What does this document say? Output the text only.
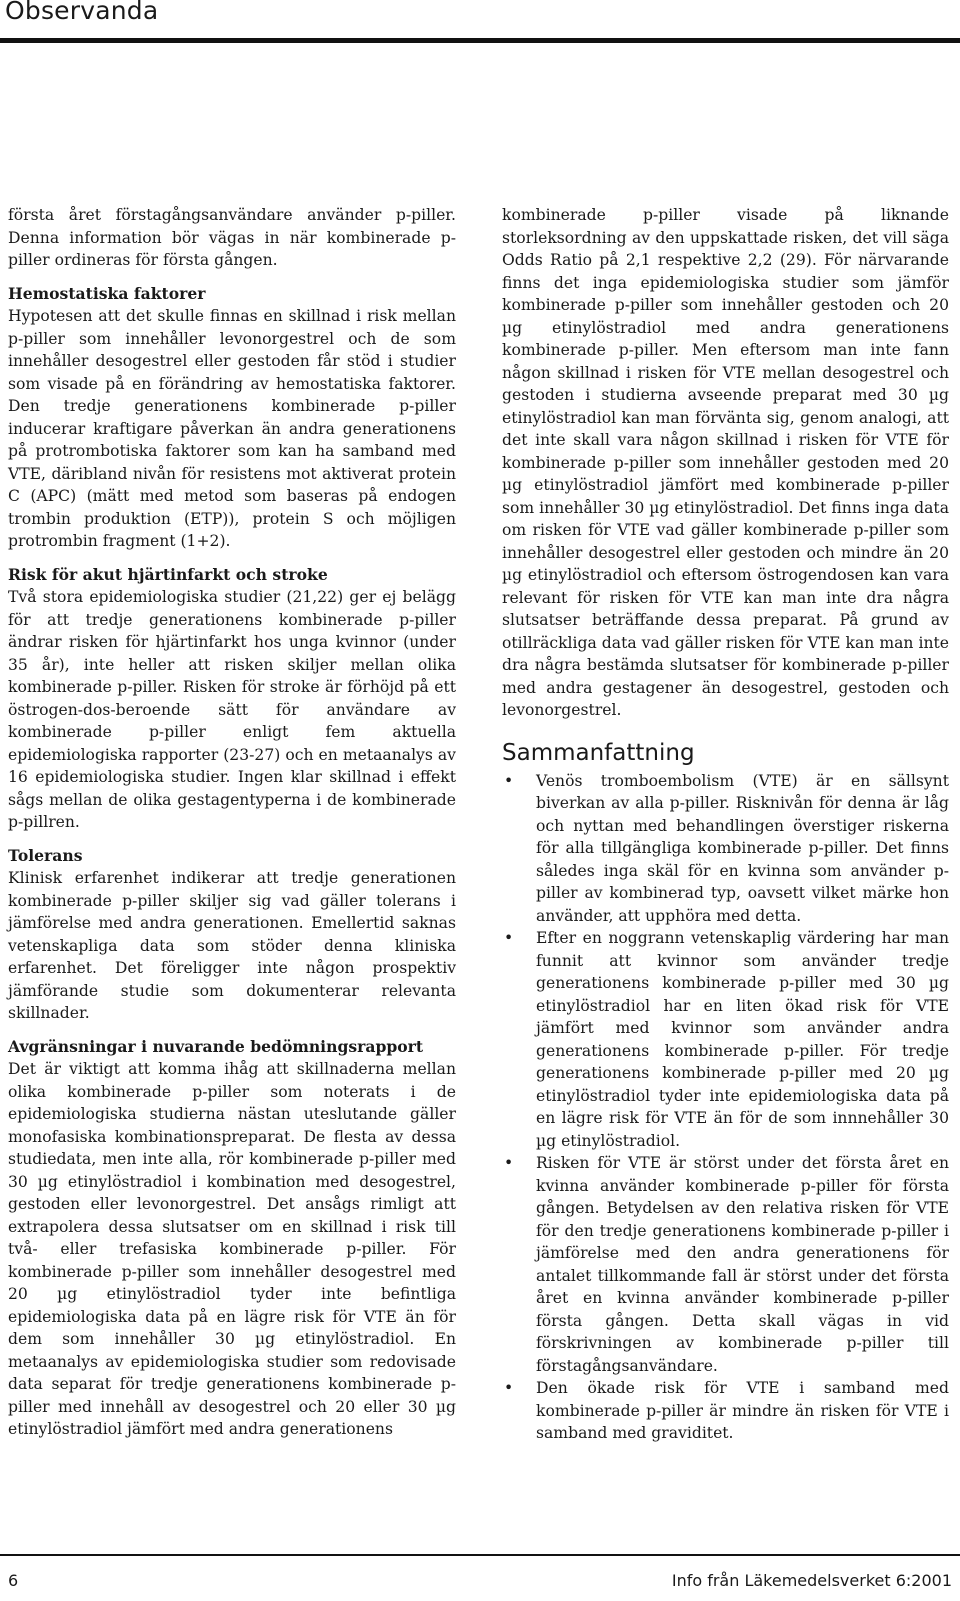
Observanda

första året förstagångsanvändare använder p-piller. Denna information bör vägas in när kombinerade p-piller ordineras för första gången.

Hemostatiska faktorer

Hypotesen att det skulle finnas en skillnad i risk mellan p-piller som innehåller levonorgestrel och de som innehåller desogestrel eller gestoden får stöd i studier som visade på en förändring av hemostatiska faktorer. Den tredje generationens kombinerade p-piller inducerar kraftigare påverkan än andra generationens på protrombotiska faktorer som kan ha samband med VTE, däribland nivån för resistens mot aktiverat protein C (APC) (mätt med metod som baseras på endogen trombin produktion (ETP)), protein S och möjligen protrombin fragment (1+2).

Risk för akut hjärtinfarkt och stroke

Två stora epidemiologiska studier (21,22) ger ej belägg för att tredje generationens kombinerade p-piller ändrar risken för hjärtinfarkt hos unga kvinnor (under 35 år), inte heller att risken skiljer mellan olika kombinerade p-piller. Risken för stroke är förhöjd på ett östrogen-dos-beroende sätt för användare av kombinerade p-piller enligt fem aktuella epidemiologiska rapporter (23-27) och en metaanalys av 16 epidemiologiska studier. Ingen klar skillnad i effekt sågs mellan de olika gestagentyperna i de kombinerade p-pillren.

Tolerans

Klinisk erfarenhet indikerar att tredje generationen kombinerade p-piller skiljer sig vad gäller tolerans i jämförelse med andra generationen. Emellertid saknas vetenskapliga data som stöder denna kliniska erfarenhet. Det föreligger inte någon prospektiv jämförande studie som dokumenterar relevanta skillnader.

Avgränsningar i nuvarande bedömningsrapport

Det är viktigt att komma ihåg att skillnaderna mellan olika kombinerade p-piller som noterats i de epidemiologiska studierna nästan uteslutande gäller monofasiska kombinationspreparat. De flesta av dessa studiedata, men inte alla, rör kombinerade p-piller med 30 µg etinylöstradiol i kombination med desogestrel, gestoden eller levonorgestrel. Det ansågs rimligt att extrapolera dessa slutsatser om en skillnad i risk till två- eller trefasiska kombinerade p-piller. För kombinerade p-piller som innehåller desogestrel med 20 µg etinylöstradiol tyder inte befintliga epidemiologiska data på en lägre risk för VTE än för dem som innehåller 30 µg etinylöstradiol. En metaanalys av epidemiologiska studier som redovisade data separat för tredje generationens kombinerade p-piller med innehåll av desogestrel och 20 eller 30 µg etinylöstradiol jämfört med andra generationens

kombinerade p-piller visade på liknande storleksordning av den uppskattade risken, det vill säga Odds Ratio på 2,1 respektive 2,2 (29). För närvarande finns det inga epidemiologiska studier som jämför kombinerade p-piller som innehåller gestoden och 20 µg etinylöstradiol med andra generationens kombinerade p-piller. Men eftersom man inte fann någon skillnad i risken för VTE mellan desogestrel och gestoden i studierna avseende preparat med 30 µg etinylöstradiol kan man förvänta sig, genom analogi, att det inte skall vara någon skillnad i risken för VTE för kombinerade p-piller som innehåller gestoden med 20 µg etinylöstradiol jämfört med kombinerade p-piller som innehåller 30 µg etinylöstradiol. Det finns inga data om risken för VTE vad gäller kombinerade p-piller som innehåller desogestrel eller gestoden och mindre än 20 µg etinylöstradiol och eftersom östrogendosen kan vara relevant för risken för VTE kan man inte dra några slutsatser beträffande dessa preparat. På grund av otillräckliga data vad gäller risken för VTE kan man inte dra några bestämda slutsatser för kombinerade p-piller med andra gestagener än desogestrel, gestoden och levonorgestrel.

Sammanfattning
• Venös tromboembolism (VTE) är en sällsynt biverkan av alla p-piller. Risknivån för denna är låg och nyttan med behandlingen överstiger riskerna för alla tillgängliga kombinerade p-piller. Det finns således inga skäl för en kvinna som använder p-piller av kombinerad typ, oavsett vilket märke hon använder, att upphöra med detta.
• Efter en noggrann vetenskaplig värdering har man funnit att kvinnor som använder tredje generationens kombinerade p-piller med 30 µg etinylöstradiol har en liten ökad risk för VTE jämfört med kvinnor som använder andra generationens kombinerade p-piller. För tredje generationens kombinerade p-piller med 20 µg etinylöstradiol tyder inte epidemiologiska data på en lägre risk för VTE än för de som innnehåller 30 µg etinylöstradiol.
• Risken för VTE är störst under det första året en kvinna använder kombinerade p-piller för första gången. Betydelsen av den relativa risken för VTE för den tredje generationens kombinerade p-piller i jämförelse med den andra generationens för antalet tillkommande fall är störst under det första året en kvinna använder kombinerade p-piller första gången. Detta skall vägas in vid förskrivningen av kombinerade p-piller till förstagångsanvändare.
• Den ökade risk för VTE i samband med kombinerade p-piller är mindre än risken för VTE i samband med graviditet.
6	Info från Läkemedelsverket 6:2001
